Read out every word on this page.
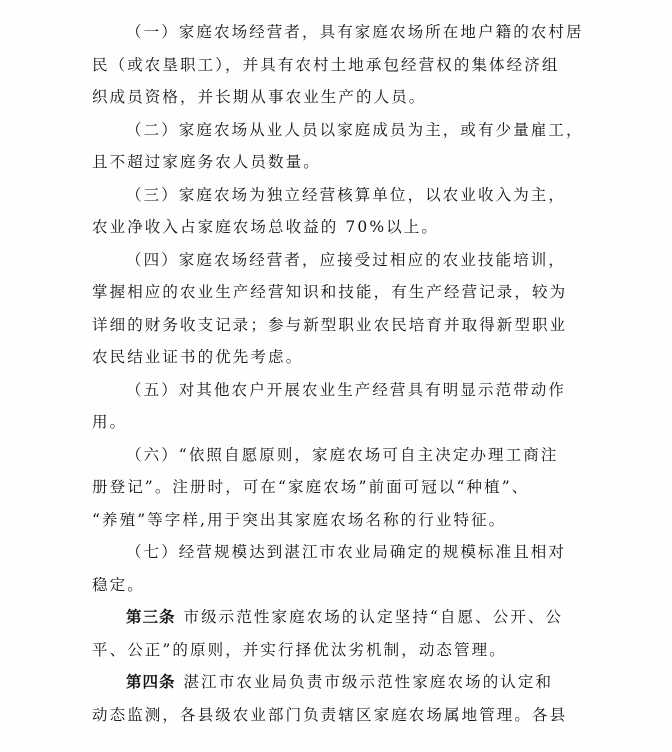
（一）家庭农场经营者，具有家庭农场所在地户籍的农村居
民（或农垦职工），并具有农村土地承包经营权的集体经济组
织成员资格，并长期从事农业生产的人员。

（二）家庭农场从业人员以家庭成员为主，或有少量雇工，
且不超过家庭务农人员数量。

（三）家庭农场为独立经营核算单位，以农业收入为主，
农业净收入占家庭农场总收益的 70%以上。

（四）家庭农场经营者，应接受过相应的农业技能培训，
掌握相应的农业生产经营知识和技能，有生产经营记录，较为
详细的财务收支记录；参与新型职业农民培育并取得新型职业
农民结业证书的优先考虑。

（五）对其他农户开展农业生产经营具有明显示范带动作
用。

（六）“依照自愿原则，家庭农场可自主决定办理工商注
册登记”。注册时，可在“家庭农场”前面可冠以“种植”、
“养殖”等字样,用于突出其家庭农场名称的行业特征。

（七）经营规模达到湛江市农业局确定的规模标准且相对
稳定。

第三条 市级示范性家庭农场的认定坚持“自愿、公开、公
平、公正”的原则，并实行择优汰劣机制，动态管理。

第四条 湛江市农业局负责市级示范性家庭农场的认定和
动态监测，各县级农业部门负责辖区家庭农场属地管理。各县
